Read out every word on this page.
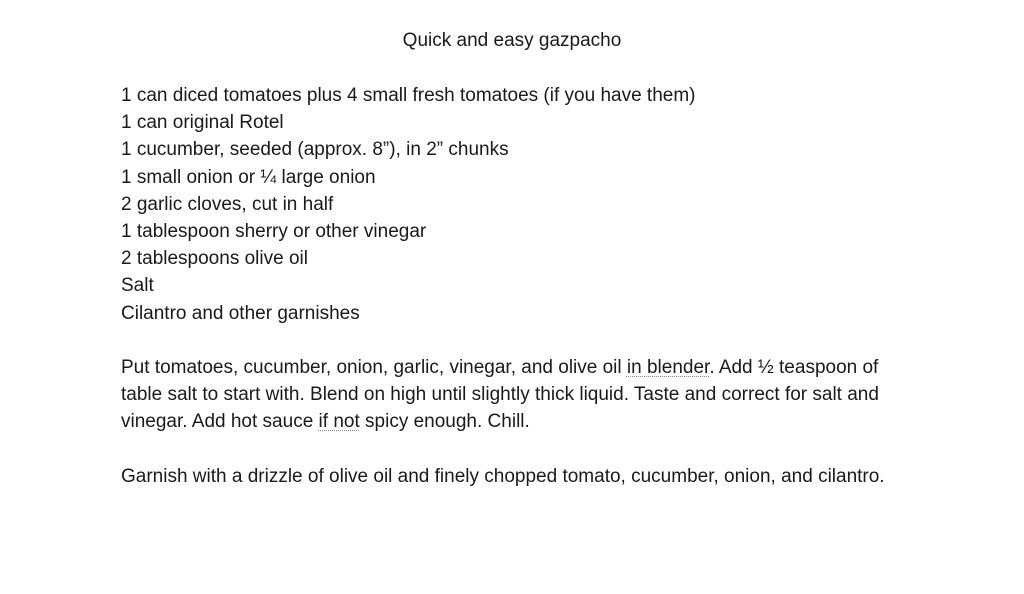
Quick and easy gazpacho
1 can diced tomatoes plus 4 small fresh tomatoes (if you have them)
1 can original Rotel
1 cucumber, seeded (approx. 8”), in 2” chunks
1 small onion or ¼ large onion
2 garlic cloves, cut in half
1 tablespoon sherry or other vinegar
2 tablespoons olive oil
Salt
Cilantro and other garnishes

Put tomatoes, cucumber, onion, garlic, vinegar, and olive oil in blender. Add ½ teaspoon of table salt to start with. Blend on high until slightly thick liquid. Taste and correct for salt and vinegar. Add hot sauce if not spicy enough. Chill.

Garnish with a drizzle of olive oil and finely chopped tomato, cucumber, onion, and cilantro.
